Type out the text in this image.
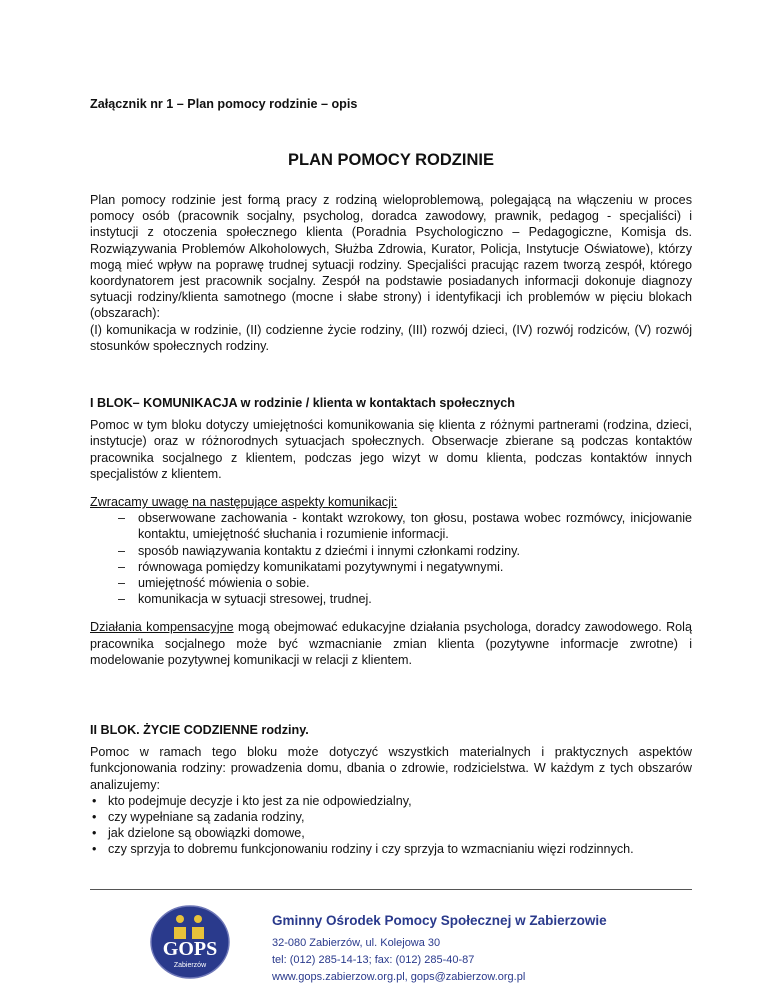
Załącznik nr 1 – Plan pomocy rodzinie – opis
PLAN POMOCY RODZINIE

Plan pomocy rodzinie jest formą pracy z rodziną wieloproblemową, polegającą na włączeniu w proces pomocy osób (pracownik socjalny, psycholog, doradca zawodowy, prawnik, pedagog - specjaliści) i instytucji z otoczenia społecznego klienta (Poradnia Psychologiczno – Pedagogiczne, Komisja ds. Rozwiązywania Problemów Alkoholowych, Służba Zdrowia, Kurator, Policja, Instytucje Oświatowe), którzy mogą mieć wpływ na poprawę trudnej sytuacji rodziny. Specjaliści pracując razem tworzą zespół, którego koordynatorem jest pracownik socjalny. Zespół na podstawie posiadanych informacji dokonuje diagnozy sytuacji rodziny/klienta samotnego (mocne i słabe strony) i identyfikacji ich problemów w pięciu blokach (obszarach):

(I) komunikacja w rodzinie, (II) codzienne życie rodziny, (III) rozwój dzieci, (IV) rozwój rodziców, (V) rozwój stosunków społecznych rodziny.

I BLOK– KOMUNIKACJA w rodzinie / klienta w kontaktach społecznych

Pomoc w tym bloku dotyczy umiejętności komunikowania się klienta z różnymi partnerami (rodzina, dzieci, instytucje) oraz w różnorodnych sytuacjach społecznych. Obserwacje zbierane są podczas kontaktów pracownika socjalnego z klientem, podczas jego wizyt w domu klienta, podczas kontaktów innych specjalistów z klientem.

Zwracamy uwagę na następujące aspekty komunikacji:

– obserwowane zachowania - kontakt wzrokowy, ton głosu, postawa wobec rozmówcy, inicjowanie kontaktu, umiejętność słuchania i rozumienie informacji.
– sposób nawiązywania kontaktu z dziećmi i innymi członkami rodziny.
– równowaga pomiędzy komunikatami pozytywnymi i negatywnymi.
– umiejętność mówienia o sobie.
– komunikacja w sytuacji stresowej, trudnej.

Działania kompensacyjne mogą obejmować edukacyjne działania psychologa, doradcy zawodowego. Rolą pracownika socjalnego może być wzmacnianie zmian klienta (pozytywne informacje zwrotne) i modelowanie pozytywnej komunikacji w relacji z klientem.

II BLOK. ŻYCIE CODZIENNE rodziny.

Pomoc w ramach tego bloku może dotyczyć wszystkich materialnych i praktycznych aspektów funkcjonowania rodziny: prowadzenia domu, dbania o zdrowie, rodzicielstwa. W każdym z tych obszarów analizujemy:

• kto podejmuje decyzje i kto jest za nie odpowiedzialny,
• czy wypełniane są zadania rodziny,
• jak dzielone są obowiązki domowe,
• czy sprzyja to dobremu funkcjonowaniu rodziny i czy sprzyja to wzmacnianiu więzi rodzinnych.
GOPS
Zabierzów
Gminny Ośrodek Pomocy Społecznej w Zabierzowie
32-080 Zabierzów, ul. Kolejowa 30
tel: (012) 285-14-13; fax: (012) 285-40-87
www.gops.zabierzow.org.pl, gops@zabierzow.org.pl
